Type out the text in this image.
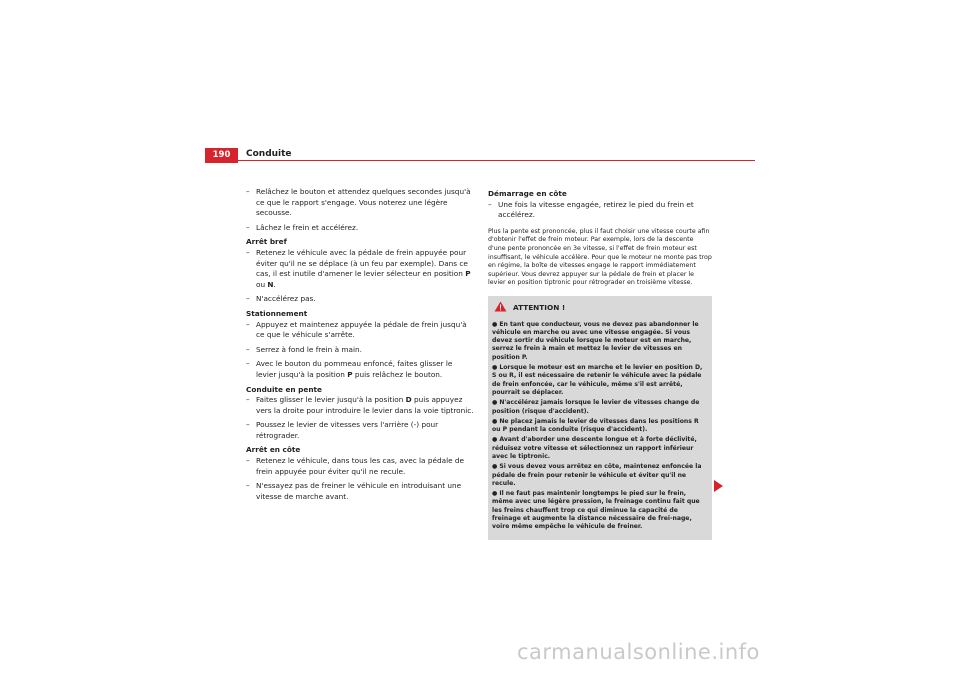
190	Conduite
– Relâchez le bouton et attendez quelques secondes jusqu'à ce que le rapport s'engage. Vous noterez une légère secousse.
– Lâchez le frein et accélérez.
Arrêt bref
– Retenez le véhicule avec la pédale de frein appuyée pour éviter qu'il ne se déplace (à un feu par exemple). Dans ce cas, il est inutile d'amener le levier sélecteur en position P ou N.
– N'accélérez pas.
Stationnement
– Appuyez et maintenez appuyée la pédale de frein jusqu'à ce que le véhicule s'arrête.
– Serrez à fond le frein à main.
– Avec le bouton du pommeau enfoncé, faites glisser le levier jusqu'à la position P puis relâchez le bouton.
Conduite en pente
– Faites glisser le levier jusqu'à la position D puis appuyez vers la droite pour introduire le levier dans la voie tiptronic.
– Poussez le levier de vitesses vers l'arrière (-) pour rétrograder.
Arrêt en côte
– Retenez le véhicule, dans tous les cas, avec la pédale de frein appuyée pour éviter qu'il ne recule.
– N'essayez pas de freiner le véhicule en introduisant une vitesse de marche avant.
Démarrage en côte
– Une fois la vitesse engagée, retirez le pied du frein et accélérez.
Plus la pente est prononcée, plus il faut choisir une vitesse courte afin d'obtenir l'effet de frein moteur. Par exemple, lors de la descente d'une pente prononcée en 3e vitesse, si l'effet de frein moteur est insuffisant, le véhicule accélère. Pour que le moteur ne monte pas trop en régime, la boîte de vitesses engage le rapport immédiatement supérieur. Vous devrez appuyer sur la pédale de frein et placer le levier en position tiptronic pour rétrograder en troisième vitesse.
ATTENTION !
● En tant que conducteur, vous ne devez pas abandonner le véhicule en marche ou avec une vitesse engagée. Si vous devez sortir du véhicule lorsque le moteur est en marche, serrez le frein à main et mettez le levier de vitesses en position P.
● Lorsque le moteur est en marche et le levier en position D, S ou R, il est nécessaire de retenir le véhicule avec la pédale de frein enfoncée, car le véhicule, même s'il est arrêté, pourrait se déplacer.
● N'accélérez jamais lorsque le levier de vitesses change de position (risque d'accident).
● Ne placez jamais le levier de vitesses dans les positions R ou P pendant la conduite (risque d'accident).
● Avant d'aborder une descente longue et à forte déclivité, réduisez votre vitesse et sélectionnez un rapport inférieur avec le tiptronic.
● Si vous devez vous arrêtez en côte, maintenez enfoncée la pédale de frein pour retenir le véhicule et éviter qu'il ne recule.
● Il ne faut pas maintenir longtemps le pied sur le frein, même avec une légère pression, le freinage continu fait que les freins chauffent trop ce qui diminue la capacité de freinage et augmente la distance nécessaire de frei-nage, voire même empêche le véhicule de freiner.
carmanualsonline.info
